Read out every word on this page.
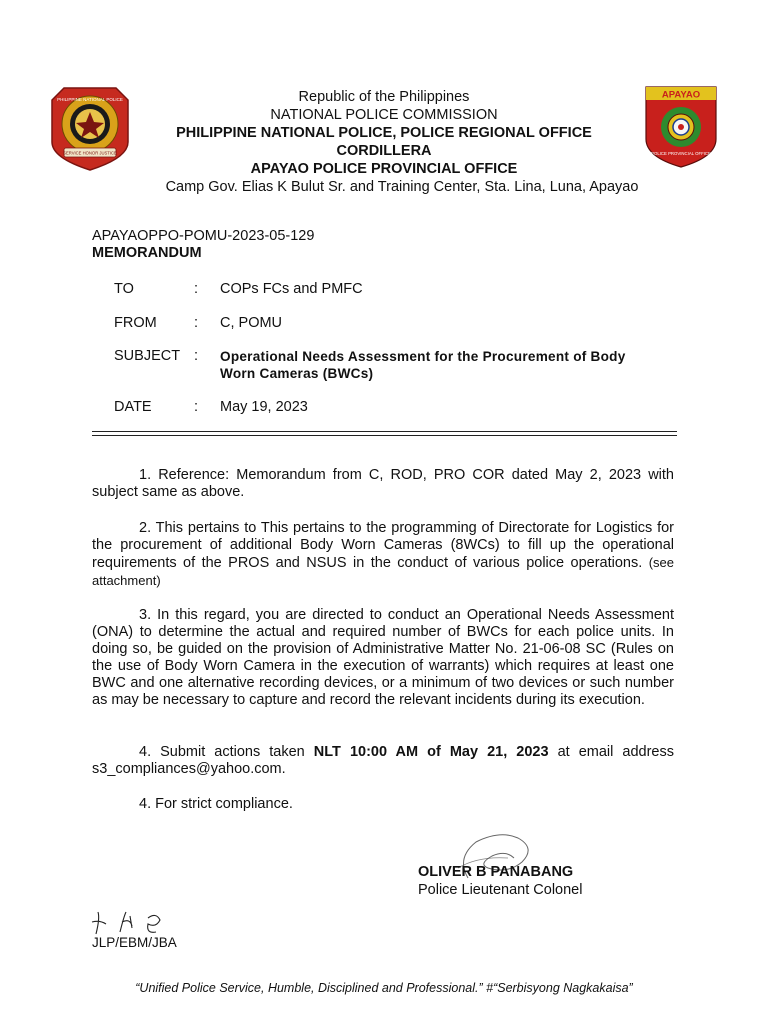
PHILIPPINE NATIONAL POLICE
SERVICE HONOR JUSTICE
APAYAO
POLICE PROVINCIAL OFFICE
Republic of the Philippines
NATIONAL POLICE COMMISSION
PHILIPPINE NATIONAL POLICE, POLICE REGIONAL OFFICE
CORDILLERA
APAYAO POLICE PROVINCIAL OFFICE
Camp Gov. Elias K Bulut Sr. and Training Center, Sta. Lina, Luna, Apayao
APAYAOPPO-POMU-2023-05-129
MEMORANDUM
TO	: COPs FCs and PMFC
FROM	: C, POMU
SUBJECT : Operational Needs Assessment for the Procurement of Body
Worn Cameras (BWCs)
DATE	: May 19, 2023
1. Reference: Memorandum from C, ROD, PRO COR dated May 2, 2023 with subject same as above.
2. This pertains to This pertains to the programming of Directorate for Logistics for the procurement of additional Body Worn Cameras (8WCs) to fill up the operational requirements of the PROS and NSUS in the conduct of various police operations. (see attachment)
3. In this regard, you are directed to conduct an Operational Needs Assessment (ONA) to determine the actual and required number of BWCs for each police units. In doing so, be guided on the provision of Administrative Matter No. 21-06-08 SC (Rules on the use of Body Worn Camera in the execution of warrants) which requires at least one BWC and one alternative recording devices, or a minimum of two devices or such number as may be necessary to capture and record the relevant incidents during its execution.
4. Submit actions taken NLT 10:00 AM of May 21, 2023 at email address s3_compliances@yahoo.com.
4. For strict compliance.
OLIVER B PANABANG
Police Lieutenant Colonel
JLP/EBM/JBA
“Unified Police Service, Humble, Disciplined and Professional.” #“Serbisyong Nagkakaisa”
